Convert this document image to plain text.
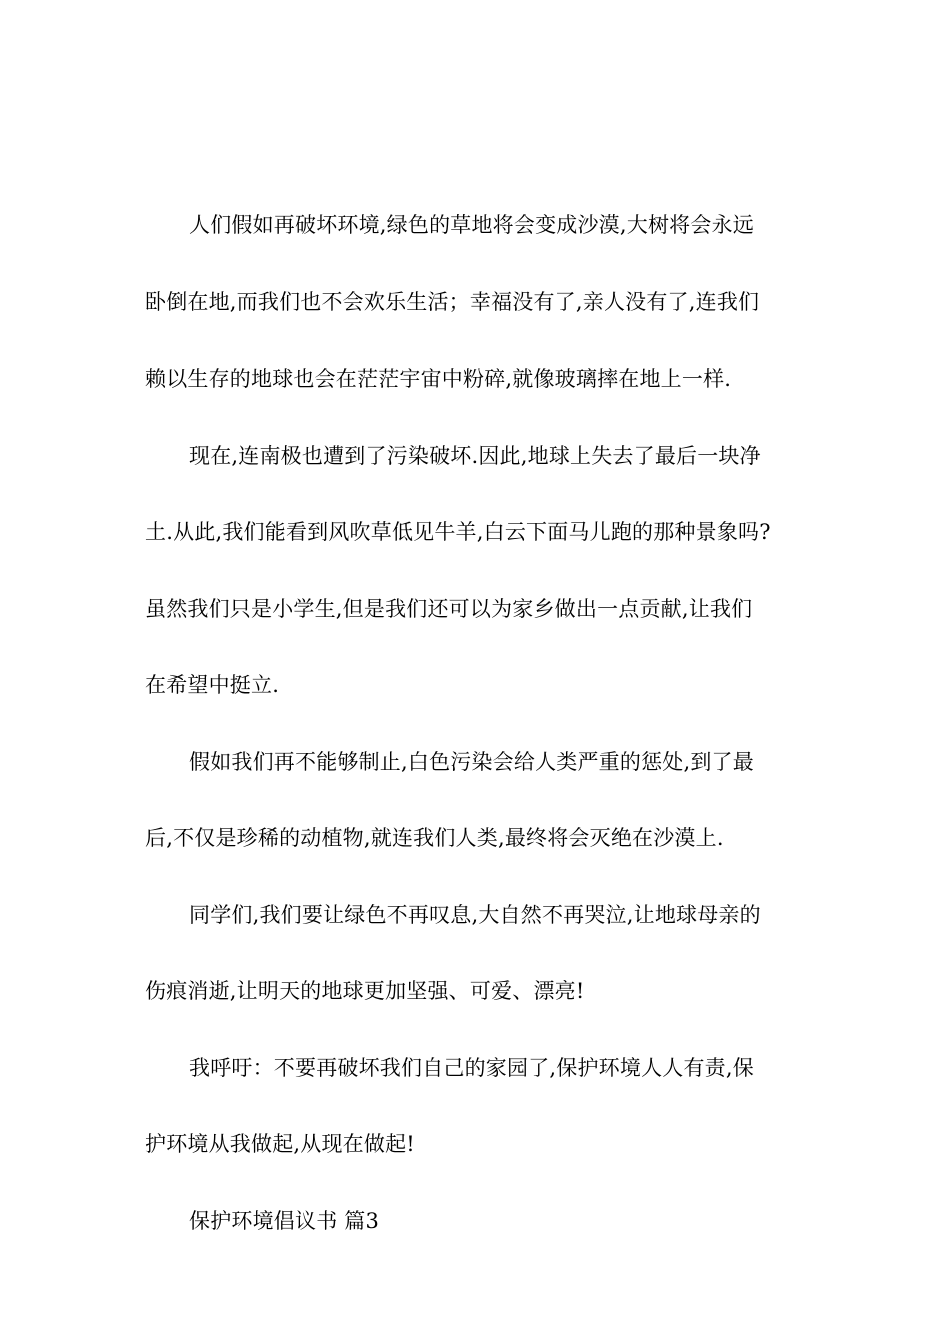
人们假如再破坏环境,绿色的草地将会变成沙漠,大树将会永远
卧倒在地,而我们也不会欢乐生活；幸福没有了,亲人没有了,连我们
赖以生存的地球也会在茫茫宇宙中粉碎,就像玻璃摔在地上一样.
现在,连南极也遭到了污染破坏.因此,地球上失去了最后一块净
土.从此,我们能看到风吹草低见牛羊,白云下面马儿跑的那种景象吗?
虽然我们只是小学生,但是我们还可以为家乡做出一点贡献,让我们
在希望中挺立.
假如我们再不能够制止,白色污染会给人类严重的惩处,到了最
后,不仅是珍稀的动植物,就连我们人类,最终将会灭绝在沙漠上.
同学们,我们要让绿色不再叹息,大自然不再哭泣,让地球母亲的
伤痕消逝,让明天的地球更加坚强、可爱、漂亮!
我呼吁：不要再破坏我们自己的家园了,保护环境人人有责,保
护环境从我做起,从现在做起!
保护环境倡议书 篇3
